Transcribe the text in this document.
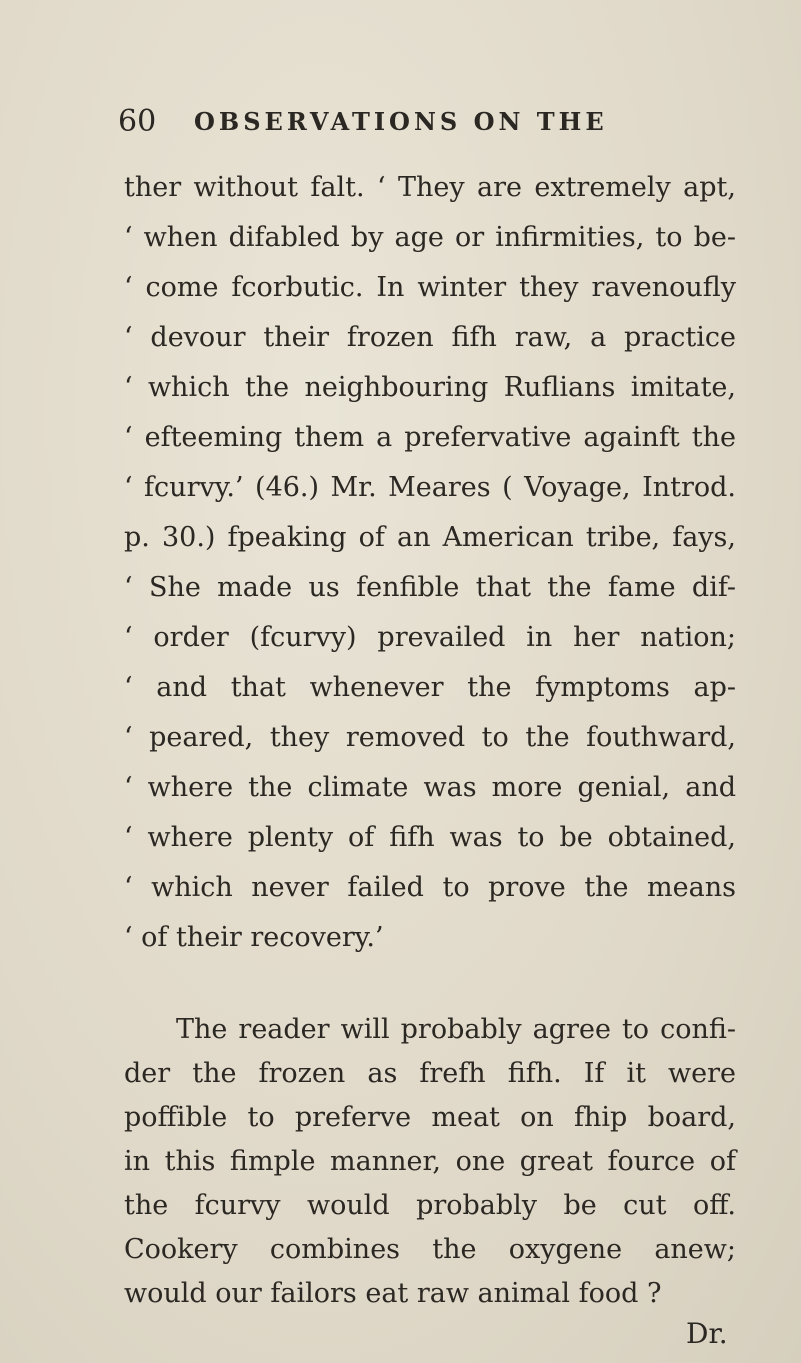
60 OBSERVATIONS ON THE
ther without falt. ‘ They are extremely apt,
‘ when difabled by age or infirmities, to be-
‘ come fcorbutic. In winter they ravenoufly
‘ devour their frozen fifh raw, a practice
‘ which the neighbouring Ruflians imitate,
‘ efteeming them a prefervative againft the
‘ fcurvy.’ (46.) Mr. Meares ( Voyage, Introd.
p. 30.) fpeaking of an American tribe, fays,
‘ She made us fenfible that the fame dif-
‘ order (fcurvy) prevailed in her nation;
‘ and that whenever the fymptoms ap-
‘ peared, they removed to the fouthward,
‘ where the climate was more genial, and
‘ where plenty of fifh was to be obtained,
‘ which never failed to prove the means
‘ of their recovery.’
The reader will probably agree to confi-
der the frozen as frefh fifh. If it were
poffible to preferve meat on fhip board,
in this fimple manner, one great fource of
the fcurvy would probably be cut off.
Cookery combines the oxygene anew;
would our failors eat raw animal food ?
Dr.
